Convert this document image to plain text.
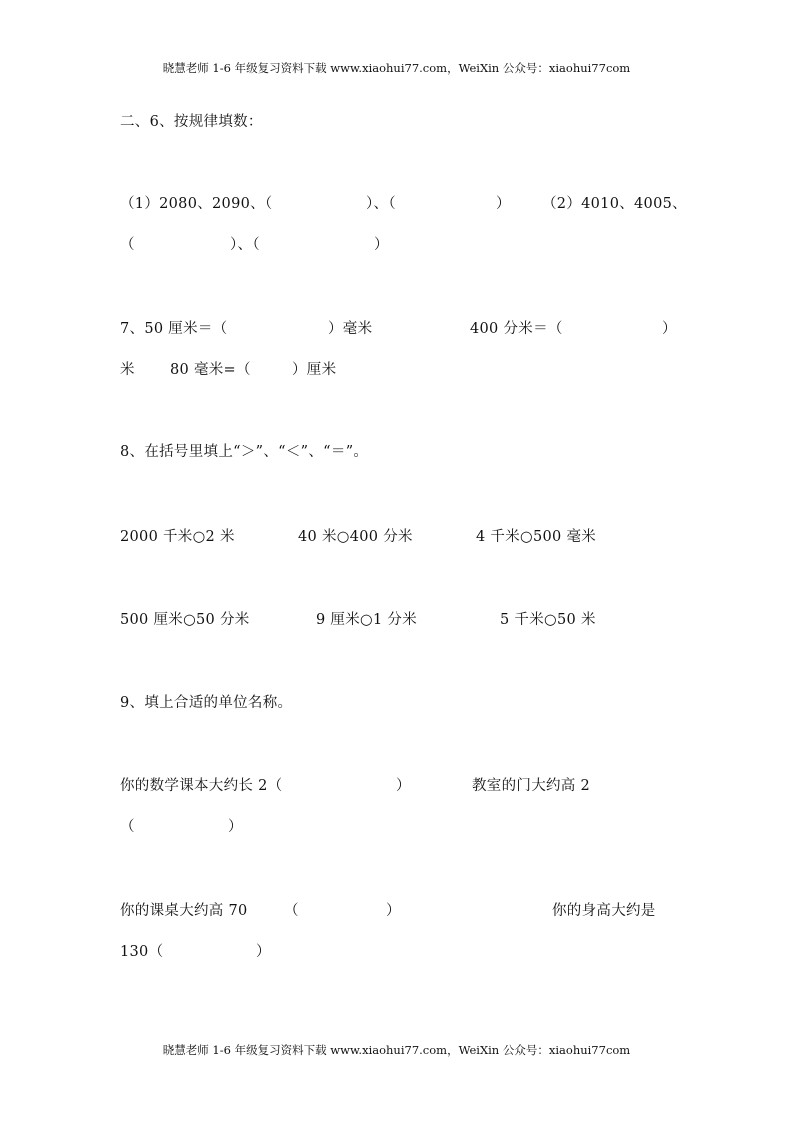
晓慧老师 1-6 年级复习资料下载 www.xiaohui77.com，WeiXin 公众号：xiaohui77com
二、6、按规律填数：
（1）2080、2090、（	）、（	） （2）4010、4005、
（	）、（	）
7、50 厘米＝（	）毫米	400 分米＝（	）
米 80 毫米=（	）厘米
8、在括号里填上“＞”、“＜”、“＝”。
2000 千米○2 米	40 米○400 分米	4 千米○500 毫米
500 厘米○50 分米	9 厘米○1 分米	5 千米○50 米
9、填上合适的单位名称。
你的数学课本大约长 2（	）	教室的门大约高 2
（	）
你的课桌大约高 70	（	）	你的身高大约是
130（	）
晓慧老师 1-6 年级复习资料下载 www.xiaohui77.com，WeiXin 公众号：xiaohui77com
